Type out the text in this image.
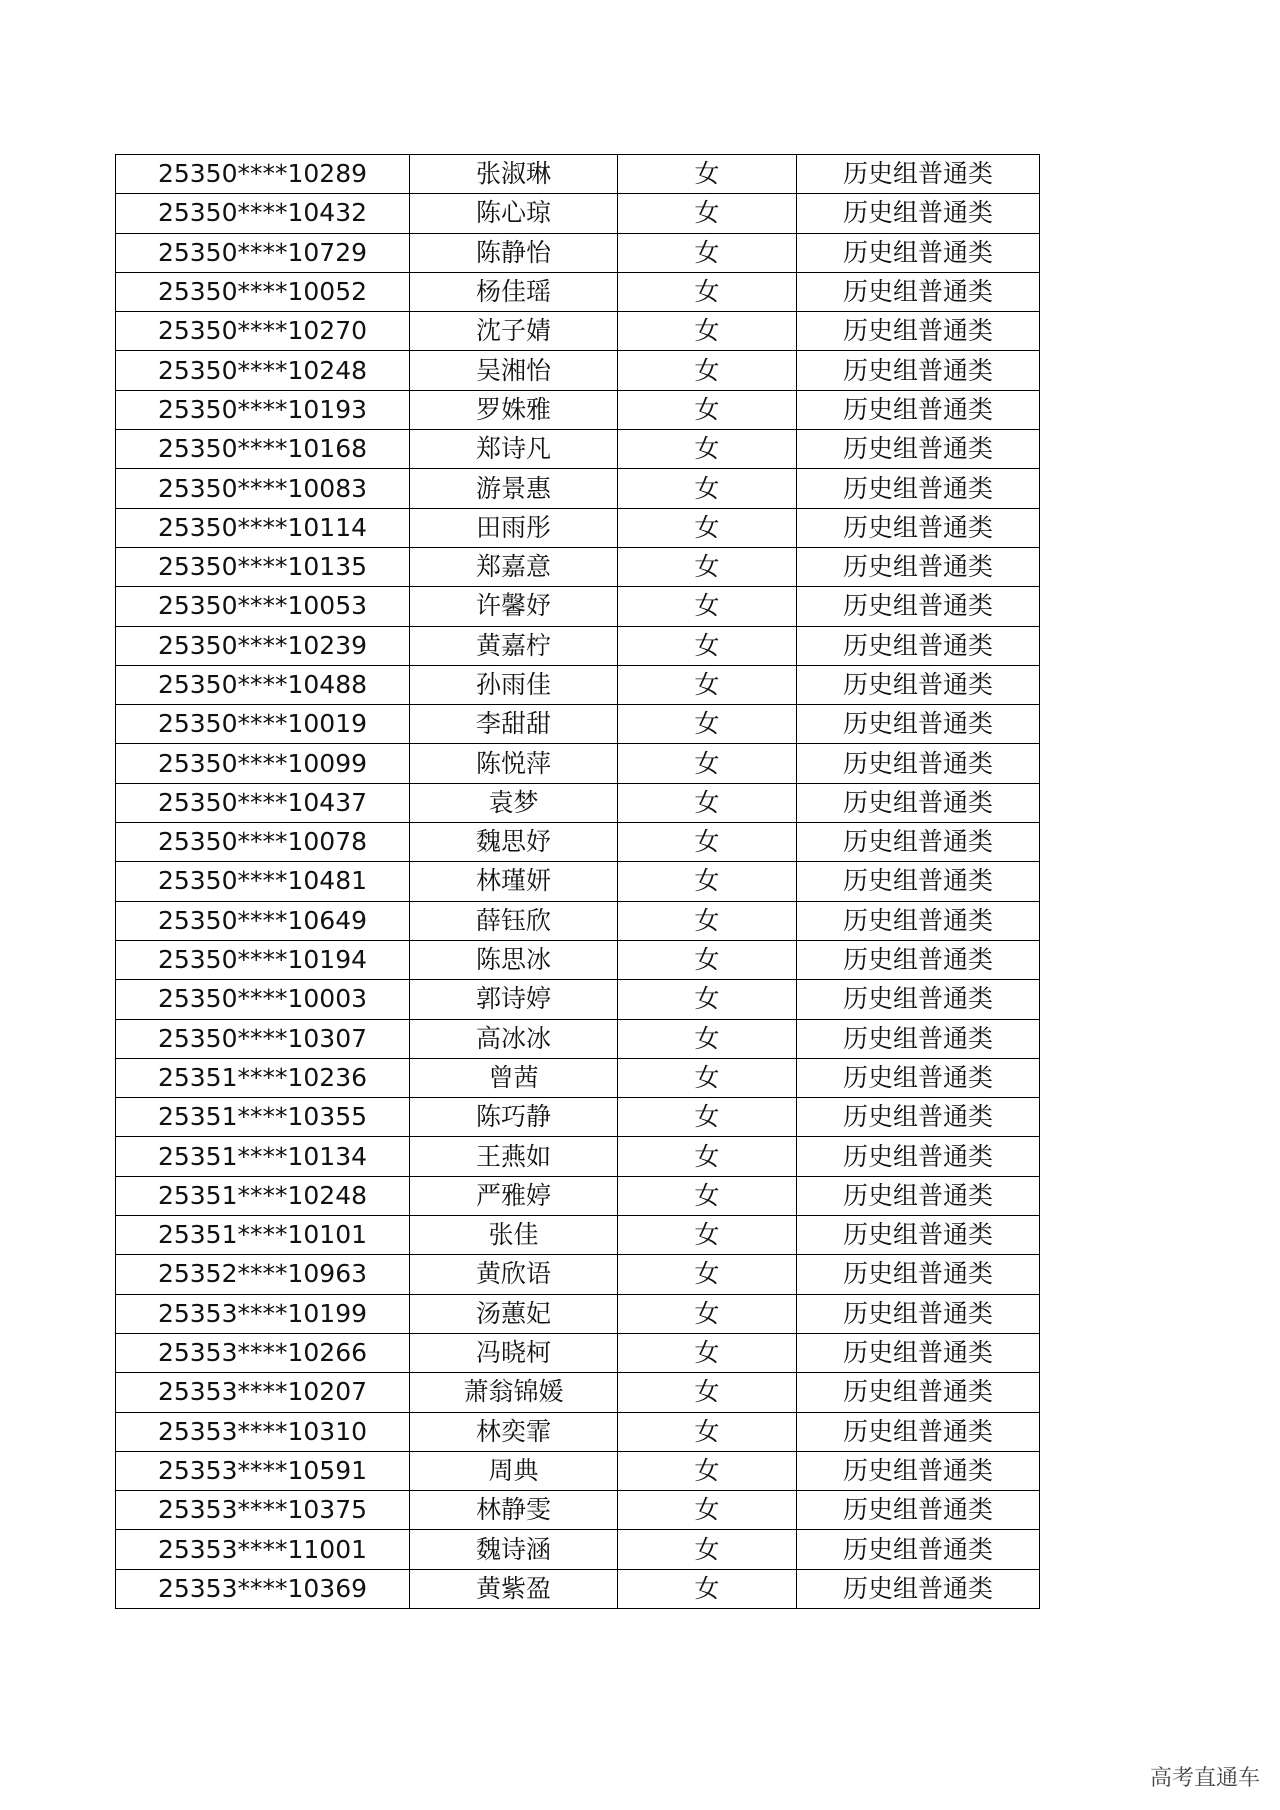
25350****10289	张淑琳	女	历史组普通类
25350****10432	陈心琼	女	历史组普通类
25350****10729	陈静怡	女	历史组普通类
25350****10052	杨佳瑶	女	历史组普通类
25350****10270	沈子婧	女	历史组普通类
25350****10248	吴湘怡	女	历史组普通类
25350****10193	罗姝雅	女	历史组普通类
25350****10168	郑诗凡	女	历史组普通类
25350****10083	游景惠	女	历史组普通类
25350****10114	田雨彤	女	历史组普通类
25350****10135	郑嘉意	女	历史组普通类
25350****10053	许馨妤	女	历史组普通类
25350****10239	黄嘉柠	女	历史组普通类
25350****10488	孙雨佳	女	历史组普通类
25350****10019	李甜甜	女	历史组普通类
25350****10099	陈悦萍	女	历史组普通类
25350****10437	袁梦	女	历史组普通类
25350****10078	魏思妤	女	历史组普通类
25350****10481	林瑾妍	女	历史组普通类
25350****10649	薛钰欣	女	历史组普通类
25350****10194	陈思冰	女	历史组普通类
25350****10003	郭诗婷	女	历史组普通类
25350****10307	高冰冰	女	历史组普通类
25351****10236	曾茜	女	历史组普通类
25351****10355	陈巧静	女	历史组普通类
25351****10134	王燕如	女	历史组普通类
25351****10248	严雅婷	女	历史组普通类
25351****10101	张佳	女	历史组普通类
25352****10963	黄欣语	女	历史组普通类
25353****10199	汤蕙妃	女	历史组普通类
25353****10266	冯晓柯	女	历史组普通类
25353****10207	萧翁锦媛	女	历史组普通类
25353****10310	林奕霏	女	历史组普通类
25353****10591	周典	女	历史组普通类
25353****10375	林静雯	女	历史组普通类
25353****11001	魏诗涵	女	历史组普通类
25353****10369	黄紫盈	女	历史组普通类
高考直通车
